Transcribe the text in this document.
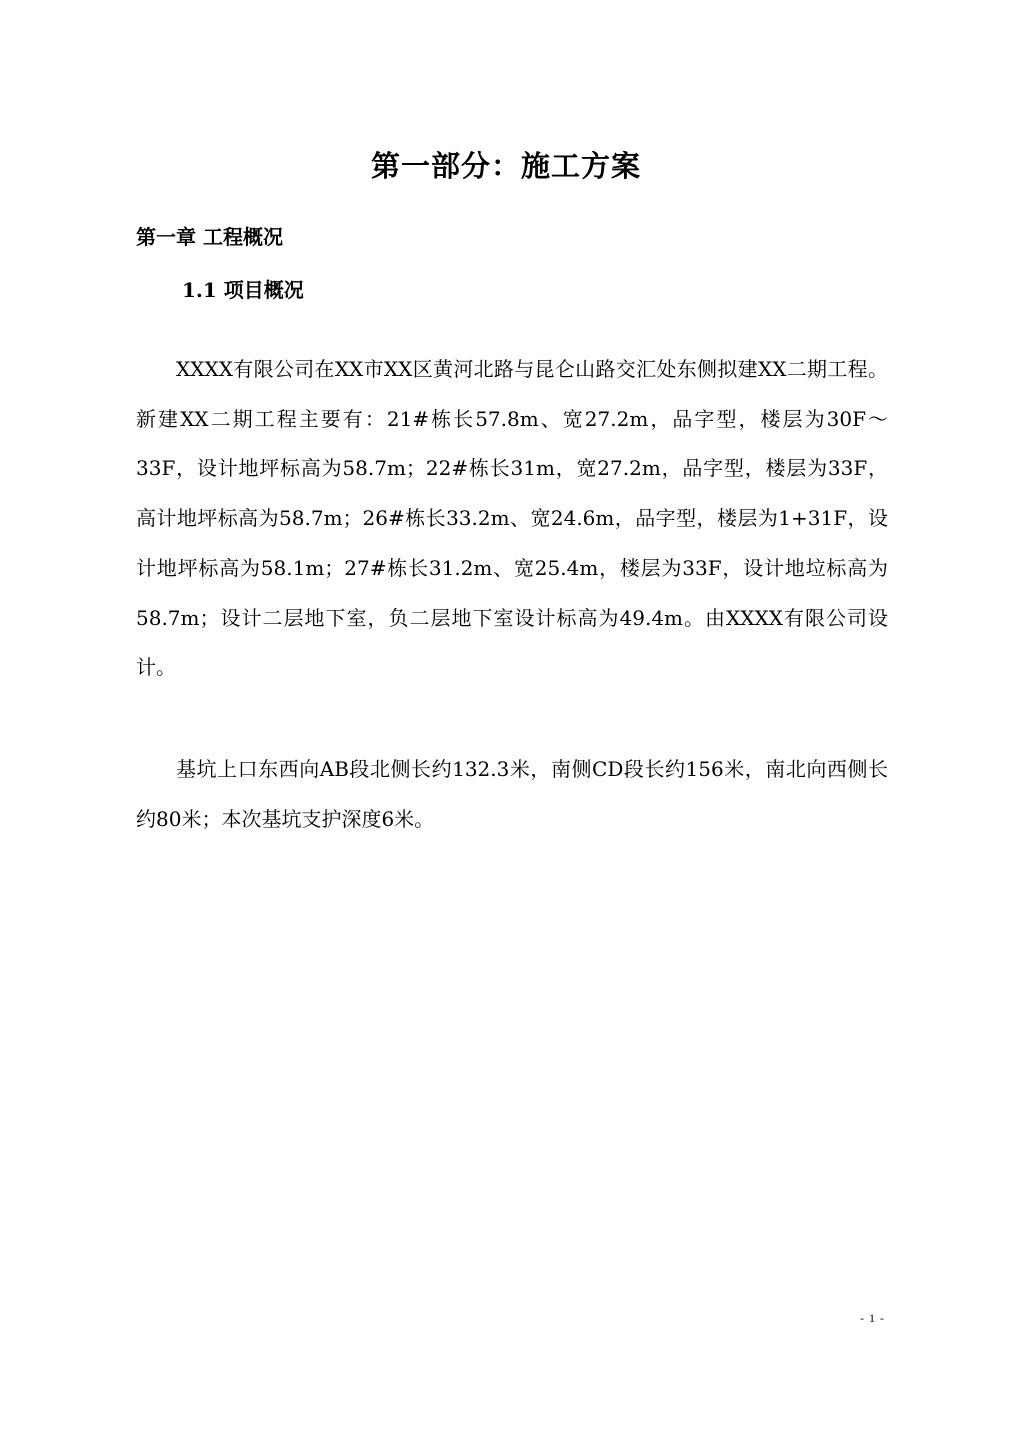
第一部分：施工方案
第一章 工程概况
1.1 项目概况

XXXX有限公司在XX市XX区黄河北路与昆仑山路交汇处东侧拟建XX二期工程。新建XX二期工程主要有：21#栋长57.8m、宽27.2m，品字型，楼层为30F～33F，设计地坪标高为58.7m；22#栋长31m，宽27.2m，品字型，楼层为33F，高计地坪标高为58.7m；26#栋长33.2m、宽24.6m，品字型，楼层为1+31F，设计地坪标高为58.1m；27#栋长31.2m、宽25.4m，楼层为33F，设计地垃标高为58.7m；设计二层地下室，负二层地下室设计标高为49.4m。由XXXX有限公司设计。

基坑上口东西向AB段北侧长约132.3米，南侧CD段长约156米，南北向西侧长约80米；本次基坑支护深度6米。

- 1 -
